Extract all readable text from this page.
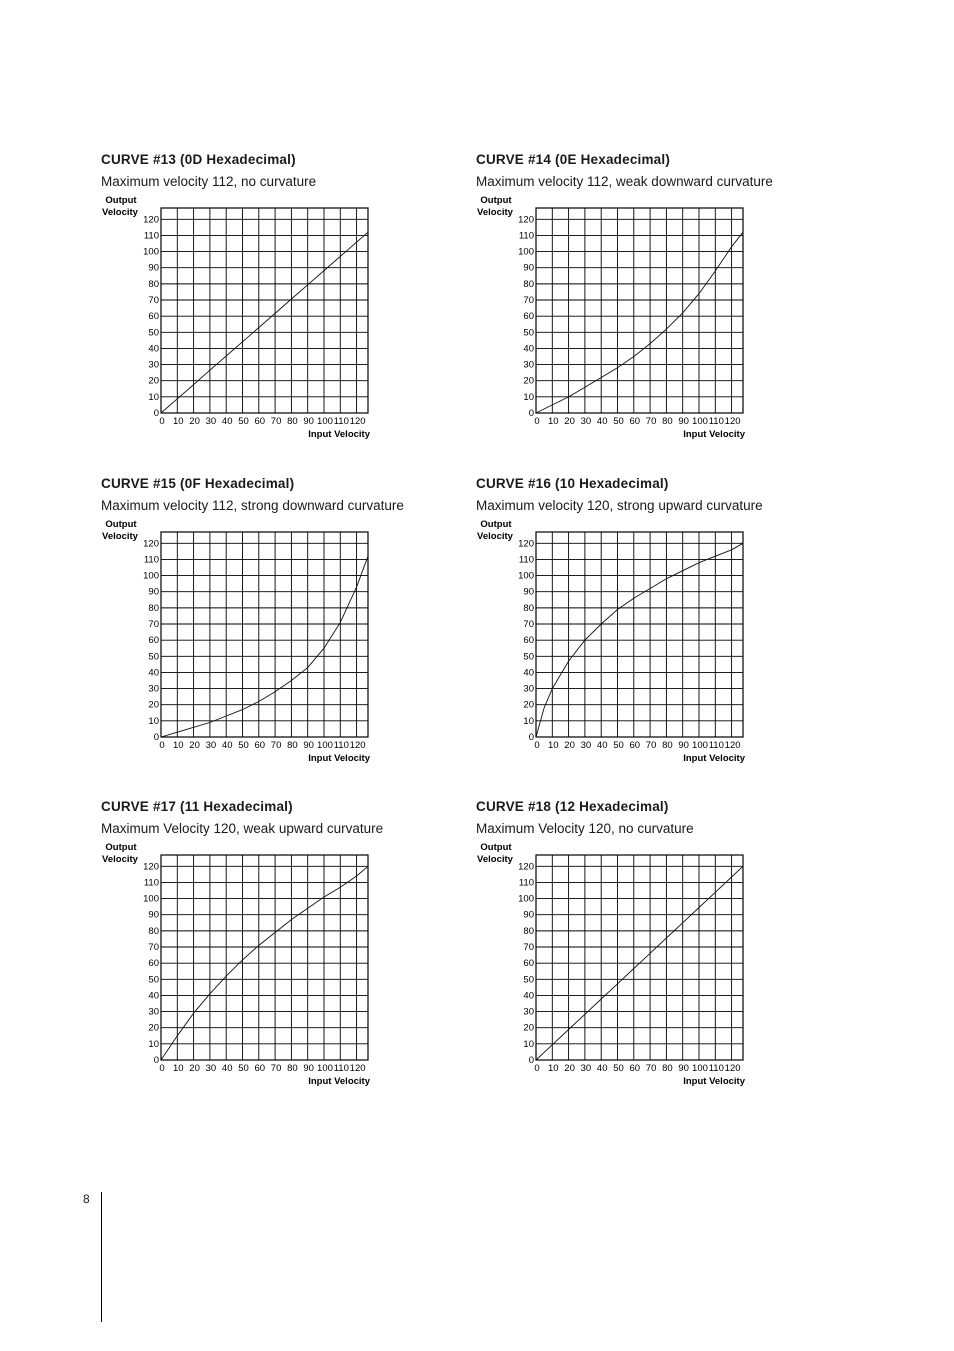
CURVE #13 (0D Hexadecimal)
Maximum velocity 112, no curvature
0
10
20
30
40
50
60
70
80
90
100
110
120
0 10 20 30 40 50 60 70 80 90 100 110 120
Output
Velocity
Input Velocity
CURVE #14 (0E Hexadecimal)
Maximum velocity 112, weak downward curvature
0
10
20
30
40
50
60
70
80
90
100
110
120
0 10 20 30 40 50 60 70 80 90 100 110 120
Output
Velocity
Input Velocity
CURVE #15 (0F Hexadecimal)
Maximum velocity 112, strong downward curvature
0
10
20
30
40
50
60
70
80
90
100
110
120
0 10 20 30 40 50 60 70 80 90 100 110 120
Output
Velocity
Input Velocity
CURVE #16 (10 Hexadecimal)
Maximum velocity 120, strong upward curvature
0
10
20
30
40
50
60
70
80
90
100
110
120
0 10 20 30 40 50 60 70 80 90 100 110 120
Output
Velocity
Input Velocity
CURVE #17 (11 Hexadecimal)
Maximum Velocity 120, weak upward curvature
0
10
20
30
40
50
60
70
80
90
100
110
120
0 10 20 30 40 50 60 70 80 90 100 110 120
Output
Velocity
Input Velocity
CURVE #18 (12 Hexadecimal)
Maximum Velocity 120, no curvature
0
10
20
30
40
50
60
70
80
90
100
110
120
0 10 20 30 40 50 60 70 80 90 100 110 120
Output
Velocity
Input Velocity
8
